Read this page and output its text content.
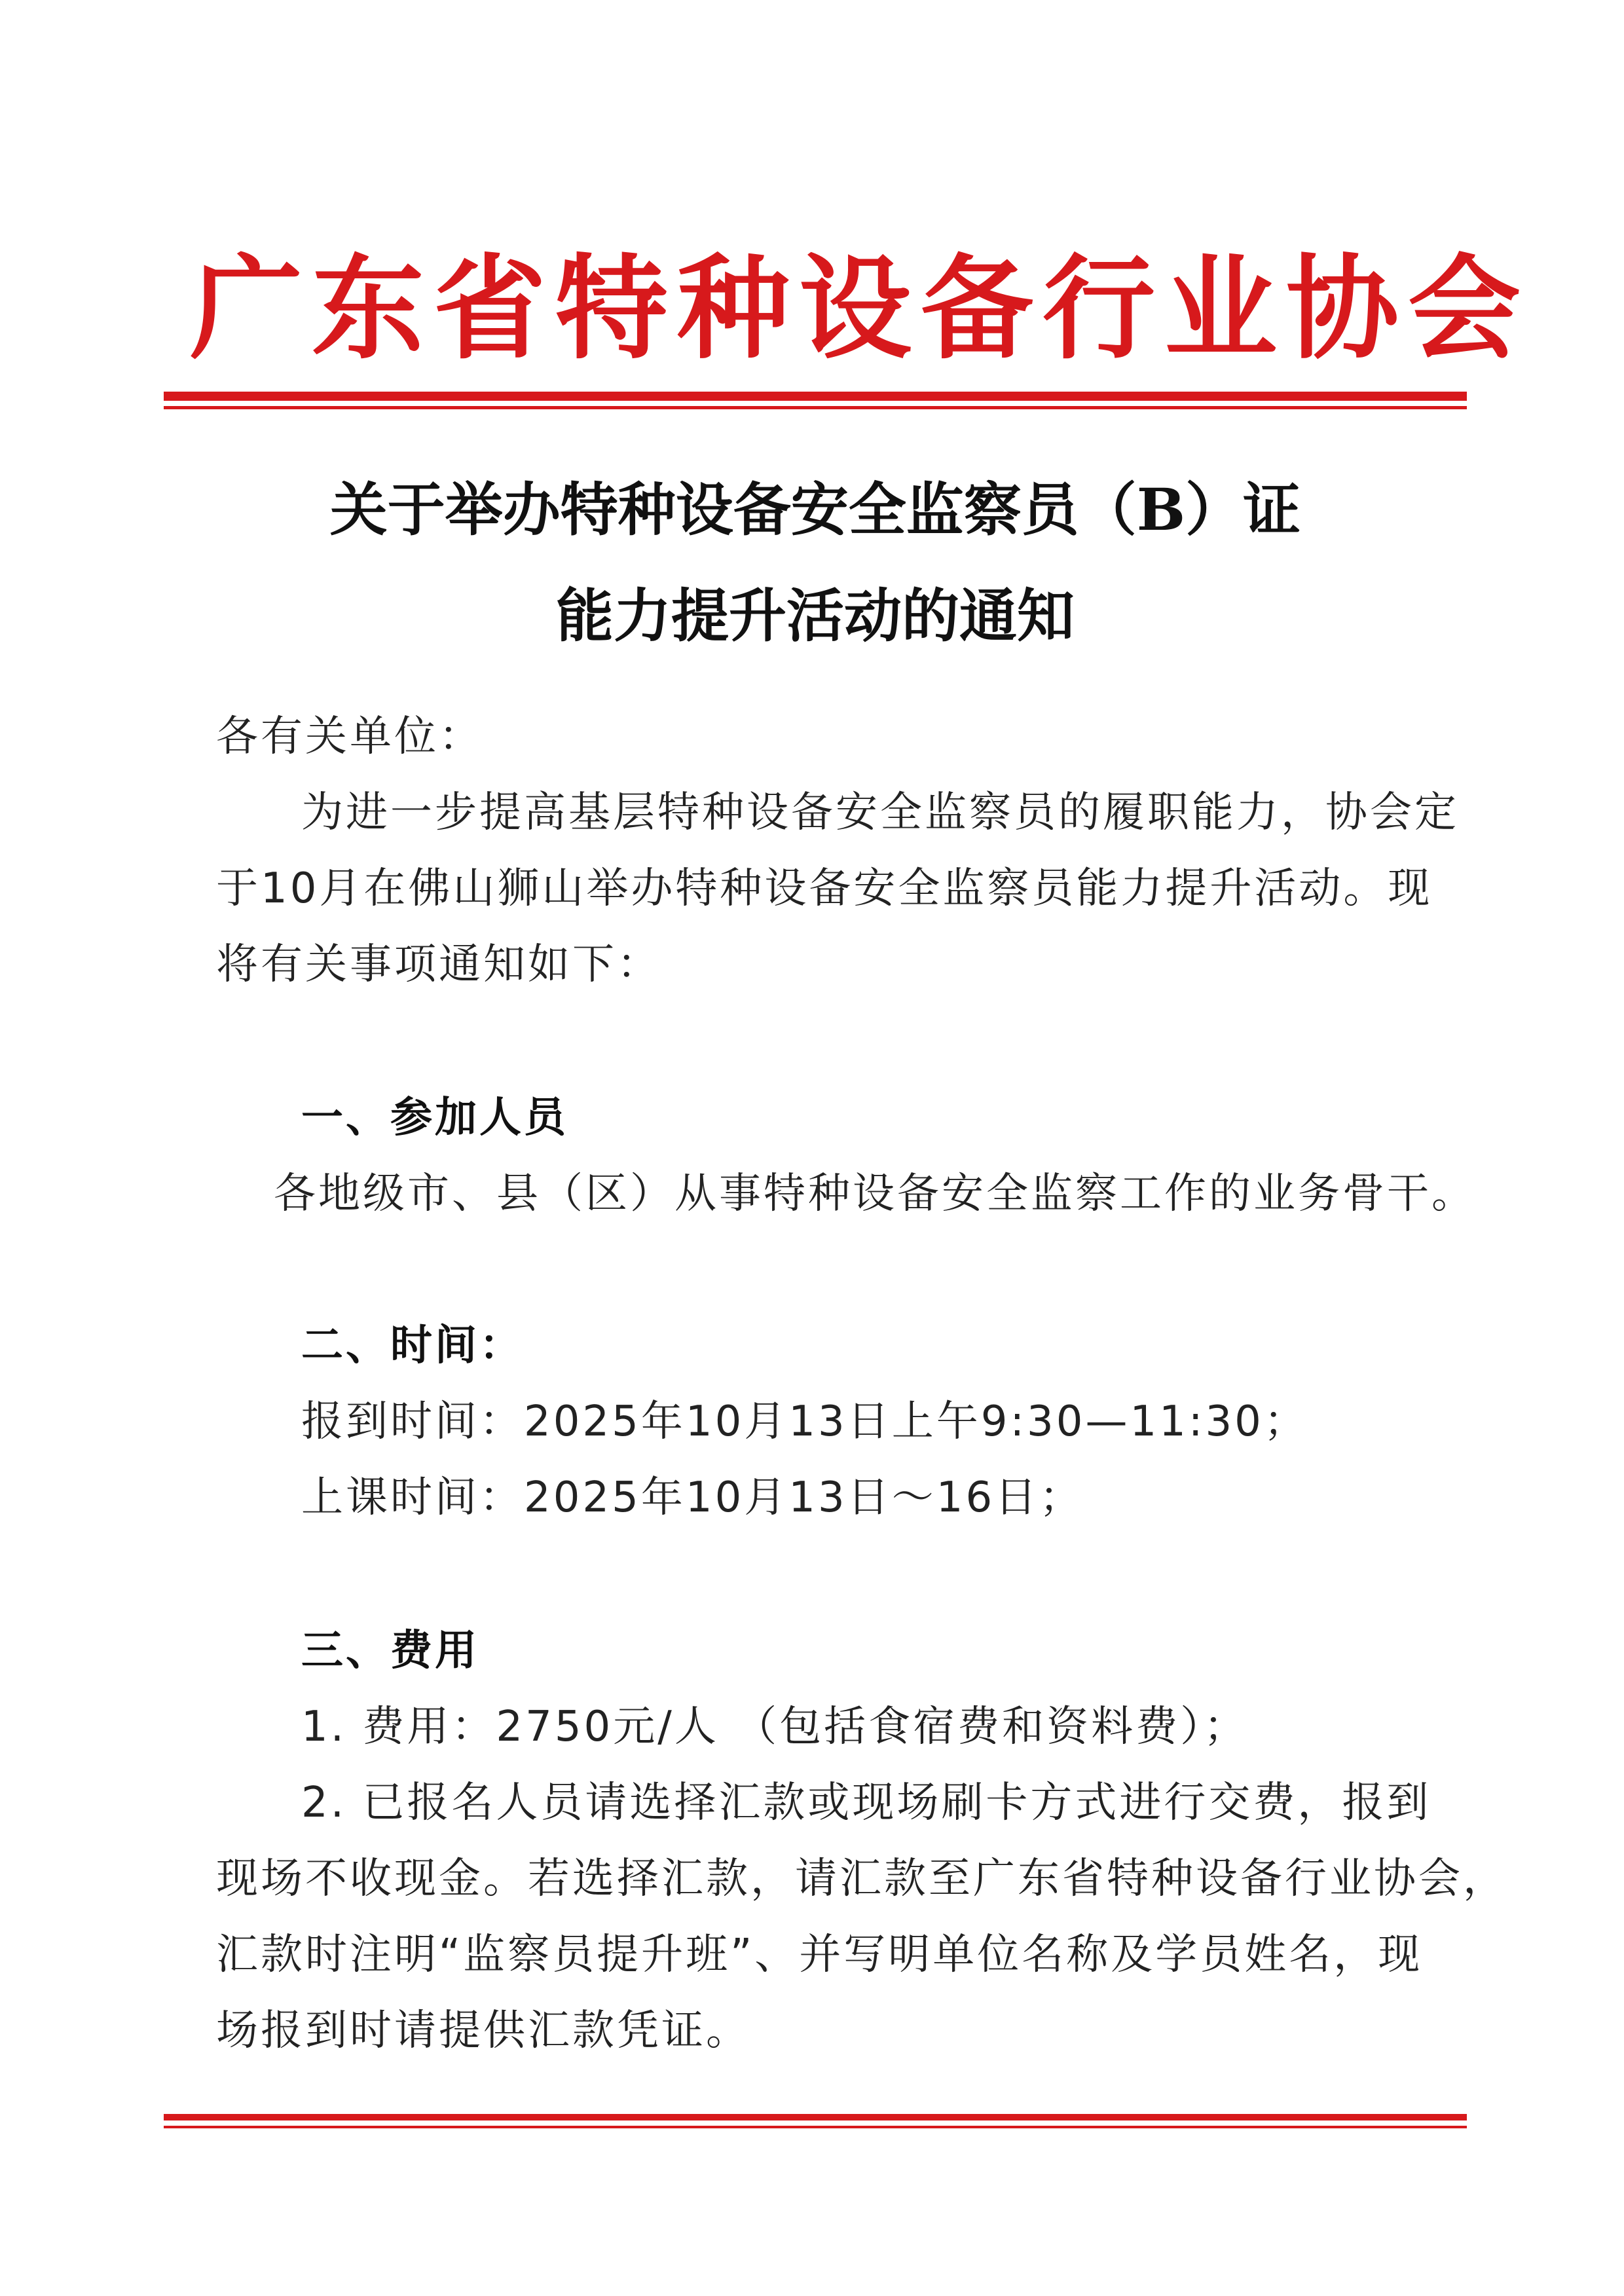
广东省特种设备行业协会
关于举办特种设备安全监察员（B）证
能力提升活动的通知
各有关单位：
为进一步提高基层特种设备安全监察员的履职能力，协会定
于10月在佛山狮山举办特种设备安全监察员能力提升活动。现
将有关事项通知如下：
一、参加人员
各地级市、县（区）从事特种设备安全监察工作的业务骨干。
二、时间：
报到时间：2025年10月13日上午9:30—11:30；
上课时间：2025年10月13日～16日；
三、费用
1. 费用：2750元/人 （包括食宿费和资料费）；
2. 已报名人员请选择汇款或现场刷卡方式进行交费，报到
现场不收现金。若选择汇款，请汇款至广东省特种设备行业协会，
汇款时注明“监察员提升班”、并写明单位名称及学员姓名，现
场报到时请提供汇款凭证。
